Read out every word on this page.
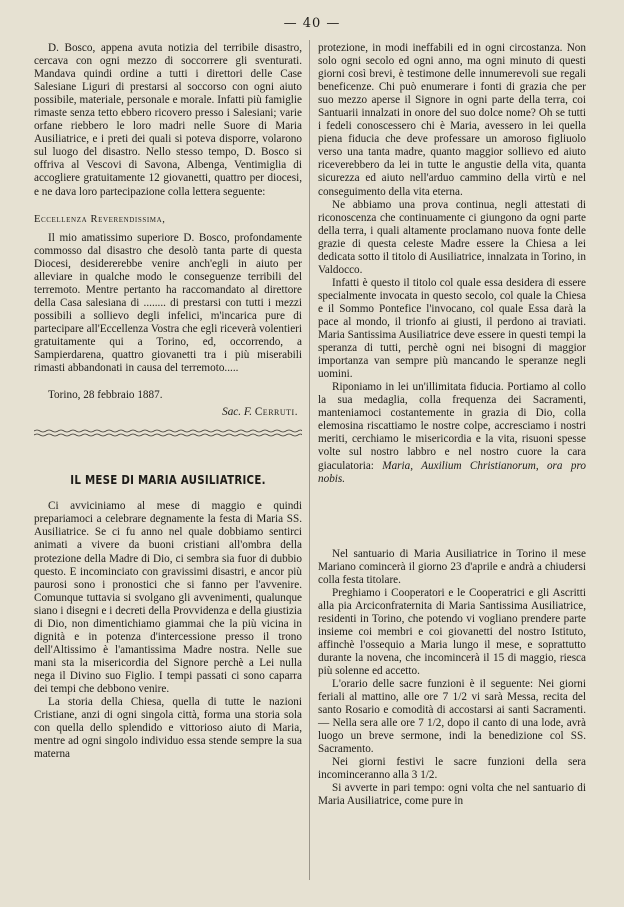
— 40 —

D. Bosco, appena avuta notizia del terribile disastro, cercava con ogni mezzo di soccorrere gli sventurati. Mandava quindi ordine a tutti i direttori delle Case Salesiane Liguri di prestarsi al soccorso con ogni aiuto possibile, materiale, personale e morale. Infatti più famiglie rimaste senza tetto ebbero ricovero presso i Salesiani; varie orfane riebbero le loro madri nelle Suore di Maria Ausiliatrice, e i preti dei quali si poteva disporre, volarono sul luogo del disastro. Nello stesso tempo, D. Bosco si offriva al Vescovi di Savona, Albenga, Ventimiglia di accogliere gratuitamente 12 giovanetti, quattro per diocesi, e ne dava loro partecipazione colla lettera seguente:

Eccellenza Reverendissima,

Il mio amatissimo superiore D. Bosco, profondamente commosso dal disastro che desolò tanta parte di questa Diocesi, desidererebbe venire anch'egli in aiuto per alleviare in qualche modo le conseguenze terribili del terremoto. Mentre pertanto ha raccomandato al direttore della Casa salesiana di ........ di prestarsi con tutti i mezzi possibili a sollievo degli infelici, m'incarica pure di partecipare all'Eccellenza Vostra che egli riceverà volentieri gratuitamente qui a Torino, ed, occorrendo, a Sampierdarena, quattro giovanetti tra i più miserabili rimasti abbandonati in causa del terremoto.....

Torino, 28 febbraio 1887.
Sac. F. Cerruti.
IL MESE DI MARIA AUSILIATRICE.

Ci avviciniamo al mese di maggio e quindi prepariamoci a celebrare degnamente la festa di Maria SS. Ausiliatrice. Se ci fu anno nel quale dobbiamo sentirci animati a vivere da buoni cristiani all'ombra della protezione della Madre di Dio, ci sembra sia fuor di dubbio questo. E incominciato con gravissimi disastri, e ancor più paurosi sono i pronostici che si fanno per l'avvenire. Comunque tuttavia si svolgano gli avvenimenti, qualunque siano i disegni e i decreti della Provvidenza e della giustizia di Dio, non dimentichiamo giammai che la più vicina in dignità e in potenza d'intercessione presso il trono dell'Altissimo è l'amantissima Madre nostra. Nelle sue mani sta la misericordia del Signore perchè a Lei nulla nega il Divino suo Figlio. I tempi passati ci sono caparra dei tempi che debbono venire.

La storia della Chiesa, quella di tutte le nazioni Cristiane, anzi di ogni singola città, forma una storia sola con quella dello splendido e vittorioso aiuto di Maria, mentre ad ogni singolo individuo essa stende sempre la sua materna

protezione, in modi ineffabili ed in ogni circostanza. Non solo ogni secolo ed ogni anno, ma ogni minuto di questi giorni così brevi, è testimone delle innumerevoli sue regali beneficenze. Chi può enumerare i fonti di grazia che per suo mezzo aperse il Signore in ogni parte della terra, coi Santuarii innalzati in onore del suo dolce nome? Oh se tutti i fedeli conoscessero chi è Maria, avessero in lei quella piena fiducia che deve professare un amoroso figliuolo verso una tanta madre, quanto maggior sollievo ed aiuto riceverebbero da lei in tutte le angustie della vita, quanta sicurezza ed aiuto nell'arduo cammino della virtù e nel conseguimento della vita eterna.

Ne abbiamo una prova continua, negli attestati di riconoscenza che continuamente ci giungono da ogni parte della terra, i quali altamente proclamano nuova fonte delle grazie di questa celeste Madre essere la Chiesa a lei dedicata sotto il titolo di Ausiliatrice, innalzata in Torino, in Valdocco.

Infatti è questo il titolo col quale essa desidera di essere specialmente invocata in questo secolo, col quale la Chiesa e il Sommo Pontefice l'invocano, col quale Essa darà la pace al mondo, il trionfo ai giusti, il perdono ai traviati. Maria Santissima Ausiliatrice deve essere in questi tempi la speranza di tutti, perchè ogni nei bisogni di maggior importanza van sempre più mancando le speranze negli uomini.

Riponiamo in lei un'illimitata fiducia. Portiamo al collo la sua medaglia, colla frequenza dei Sacramenti, manteniamoci costantemente in grazia di Dio, colla elemosina riscattiamo le nostre colpe, accresciamo i nostri meriti, cerchiamo le misericordia e la vita, risuoni spesse volte sul nostro labbro e nel nostro cuore la cara giaculatoria: Maria, Auxilium Christianorum, ora pro nobis.

Nel santuario di Maria Ausiliatrice in Torino il mese Mariano comincerà il giorno 23 d'aprile e andrà a chiudersi colla festa titolare.

Preghiamo i Cooperatori e le Cooperatrici e gli Ascritti alla pia Arciconfraternita di Maria Santissima Ausiliatrice, residenti in Torino, che potendo vi vogliano prendere parte insieme coi membri e coi giovanetti del nostro Istituto, affinchè l'ossequio a Maria lungo il mese, e soprattutto durante la novena, che incomincerà il 15 di maggio, riesca più solenne ed accetto.

L'orario delle sacre funzioni è il seguente: Nei giorni feriali al mattino, alle ore 7 1/2 vi sarà Messa, recita del santo Rosario e comodità di accostarsi ai santi Sacramenti. — Nella sera alle ore 7 1/2, dopo il canto di una lode, avrà luogo un breve sermone, indi la benedizione col SS. Sacramento.

Nei giorni festivi le sacre funzioni della sera incominceranno alla 3 1/2.

Si avverte in pari tempo: ogni volta che nel santuario di Maria Ausiliatrice, come pure in
